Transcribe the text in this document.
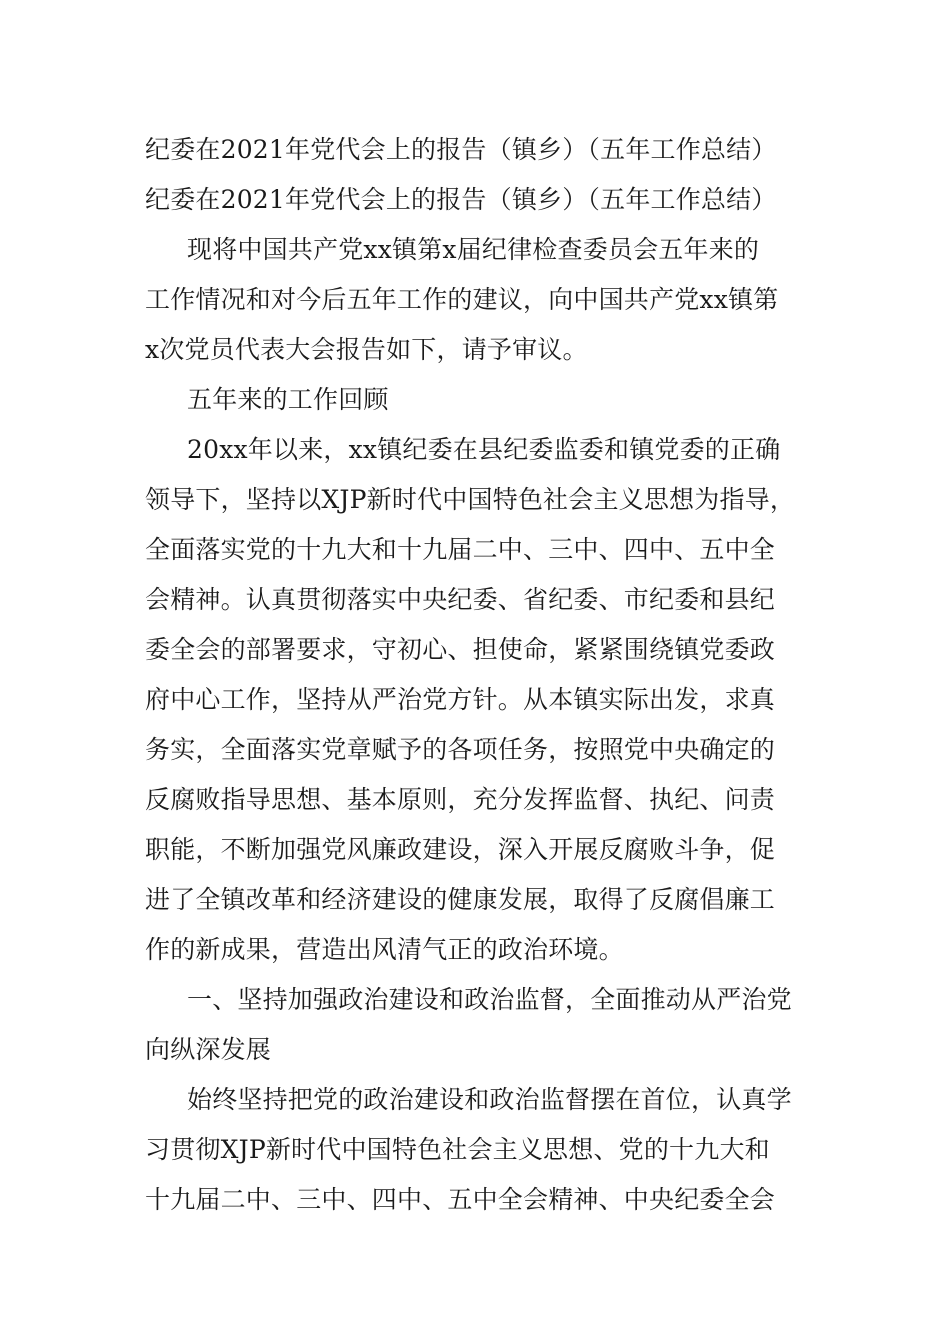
纪委在2021年党代会上的报告（镇乡）（五年工作总结）
纪委在2021年党代会上的报告（镇乡）（五年工作总结）
现将中国共产党xx镇第x届纪律检查委员会五年来的
工作情况和对今后五年工作的建议，向中国共产党xx镇第
x次党员代表大会报告如下，请予审议。
五年来的工作回顾
20xx年以来，xx镇纪委在县纪委监委和镇党委的正确
领导下，坚持以XJP新时代中国特色社会主义思想为指导，
全面落实党的十九大和十九届二中、三中、四中、五中全
会精神。认真贯彻落实中央纪委、省纪委、市纪委和县纪
委全会的部署要求，守初心、担使命，紧紧围绕镇党委政
府中心工作，坚持从严治党方针。从本镇实际出发，求真
务实，全面落实党章赋予的各项任务，按照党中央确定的
反腐败指导思想、基本原则，充分发挥监督、执纪、问责
职能，不断加强党风廉政建设，深入开展反腐败斗争，促
进了全镇改革和经济建设的健康发展，取得了反腐倡廉工
作的新成果，营造出风清气正的政治环境。
一、坚持加强政治建设和政治监督，全面推动从严治党
向纵深发展
始终坚持把党的政治建设和政治监督摆在首位，认真学
习贯彻XJP新时代中国特色社会主义思想、党的十九大和
十九届二中、三中、四中、五中全会精神、中央纪委全会
